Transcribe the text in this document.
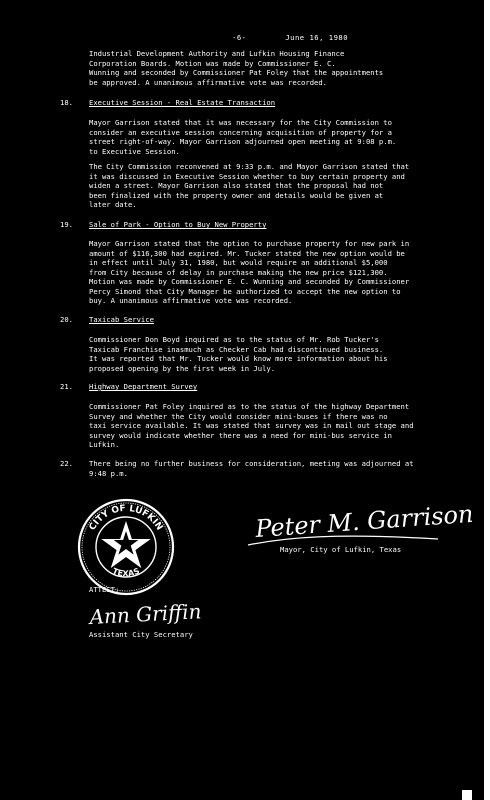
-6-	June 16, 1980
Industrial Development Authority and Lufkin Housing Finance
Corporation Boards. Motion was made by Commissioner E. C.
Wunning and seconded by Commissioner Pat Foley that the appointments
be approved. A unanimous affirmative vote was recorded.
18. Executive Session - Real Estate Transaction
Mayor Garrison stated that it was necessary for the City Commission to
consider an executive session concerning acquisition of property for a
street right-of-way. Mayor Garrison adjourned open meeting at 9:08 p.m.
to Executive Session.
The City Commission reconvened at 9:33 p.m. and Mayor Garrison stated that
it was discussed in Executive Session whether to buy certain property and
widen a street. Mayor Garrison also stated that the proposal had not
been finalized with the property owner and details would be given at
later date.
19. Sale of Park - Option to Buy New Property
Mayor Garrison stated that the option to purchase property for new park in
amount of $116,300 had expired. Mr. Tucker stated the new option would be
in effect until July 31, 1980, but would require an additional $5,000
from City because of delay in purchase making the new price $121,300.
Motion was made by Commissioner E. C. Wunning and seconded by Commissioner
Percy Simond that City Manager be authorized to accept the new option to
buy. A unanimous affirmative vote was recorded.
20. Taxicab Service
Commissioner Don Boyd inquired as to the status of Mr. Rob Tucker's
Taxicab Franchise inasmuch as Checker Cab had discontinued business.
It was reported that Mr. Tucker would know more information about his
proposed opening by the first week in July.
21. Highway Department Survey
Commissioner Pat Foley inquired as to the status of the highway Department
Survey and whether the City would consider mini-buses if there was no
taxi service available. It was stated that survey was in mail out stage and
survey would indicate whether there was a need for mini-bus service in
Lufkin.
22. There being no further business for consideration, meeting was adjourned at
9:48 p.m.
CITY OF LUFKIN
TEXAS
Peter M. Garrison
Mayor, City of Lufkin, Texas
ATTEST:
Ann Griffin
Assistant City Secretary
